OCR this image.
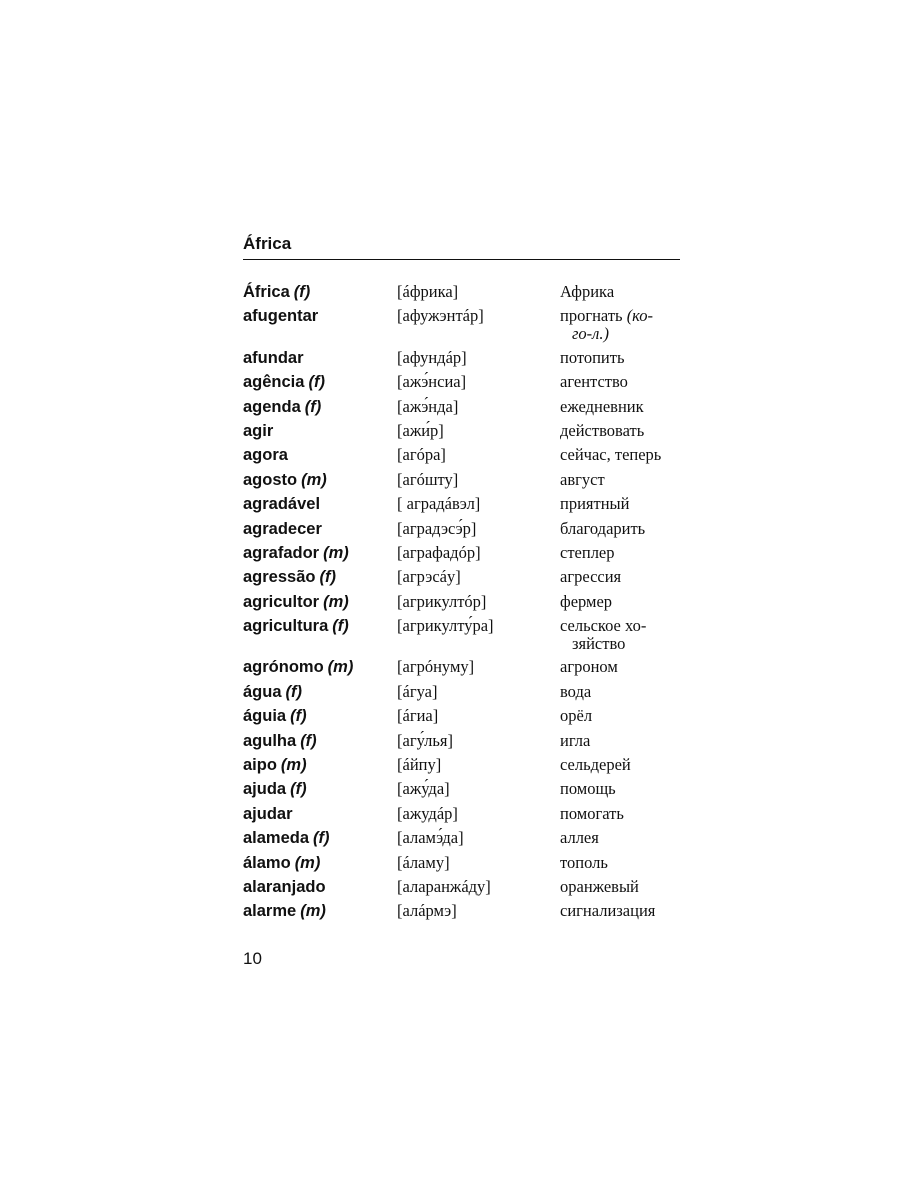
África
África (f)	[áфрика]	Африка
afugentar	[афужэнтáр]	прогнать (ко-
го-л.)
afundar	[афундáр]	потопить
agência (f)	[ажэ́нсиа]	агентство
agenda (f)	[ажэ́нда]	ежедневник
agir	[ажи́р]	действовать
agora	[агóра]	сейчас, теперь
agosto (m)	[агóшту]	август
agradável	[ аградáвэл]	приятный
agradecer	[аградэсэ́р]	благодарить
agrafador (m)	[аграфадóр]	степлер
agressão (f)	[агрэсáу]	агрессия
agricultor (m)	[агрикултóр]	фермер
agricultura (f)	[агрикулту́ра]	сельское хо-
зяйство
agrónomo (m)	[агрóнуму]	агроном
água (f)	[áгуа]	вода
águia (f)	[áгиа]	орёл
agulha (f)	[агу́лья]	игла
aipo (m)	[áйпу]	сельдерей
ajuda (f)	[ажу́да]	помощь
ajudar	[ажудáр]	помогать
alameda (f)	[аламэ́да]	аллея
álamo (m)	[áламу]	тополь
alaranjado	[аларанжáду]	оранжевый
alarme (m)	[алáрмэ]	сигнализация
10
